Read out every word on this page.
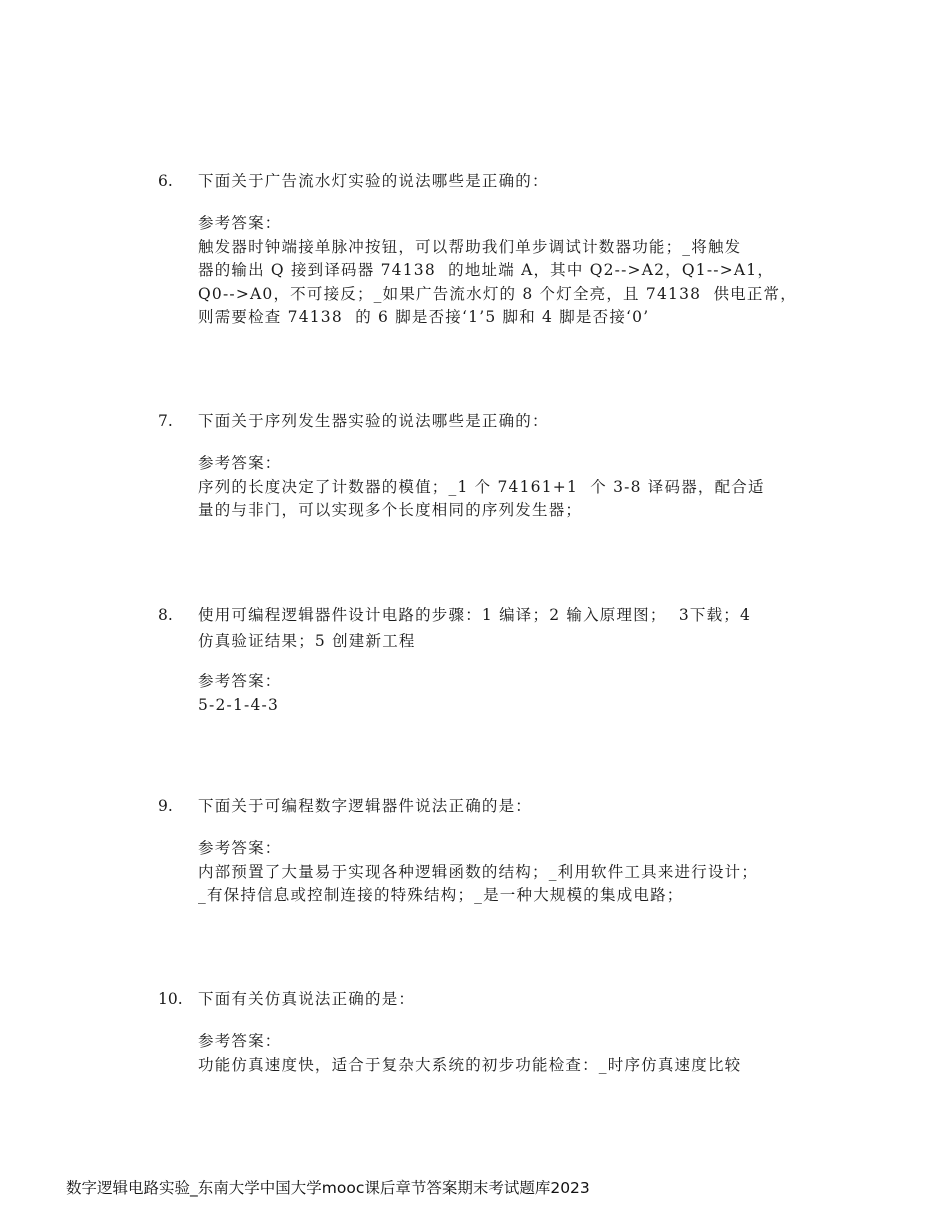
6.	下面关于广告流水灯实验的说法哪些是正确的：
参考答案：
触发器时钟端接单脉冲按钮，可以帮助我们单步调试计数器功能；_将触发
器的输出 Q 接到译码器 74138  的地址端 A，其中 Q2-->A2，Q1-->A1，
Q0-->A0，不可接反；_如果广告流水灯的 8 个灯全亮，且 74138  供电正常，
则需要检查 74138  的 6 脚是否接‘1’5 脚和 4 脚是否接‘0’
7.	下面关于序列发生器实验的说法哪些是正确的：
参考答案：
序列的长度决定了计数器的模值；_1 个 74161+1  个 3-8 译码器，配合适
量的与非门，可以实现多个长度相同的序列发生器；
8.	使用可编程逻辑器件设计电路的步骤：1 编译；2 输入原理图；  3下载；4
仿真验证结果；5 创建新工程
参考答案：
5-2-1-4-3
9.	下面关于可编程数字逻辑器件说法正确的是：
参考答案：
内部预置了大量易于实现各种逻辑函数的结构；_利用软件工具来进行设计；
_有保持信息或控制连接的特殊结构；_是一种大规模的集成电路；
10. 下面有关仿真说法正确的是：
参考答案：
功能仿真速度快，适合于复杂大系统的初步功能检查：_时序仿真速度比较
数字逻辑电路实验_东南大学中国大学mooc课后章节答案期末考试题库2023
